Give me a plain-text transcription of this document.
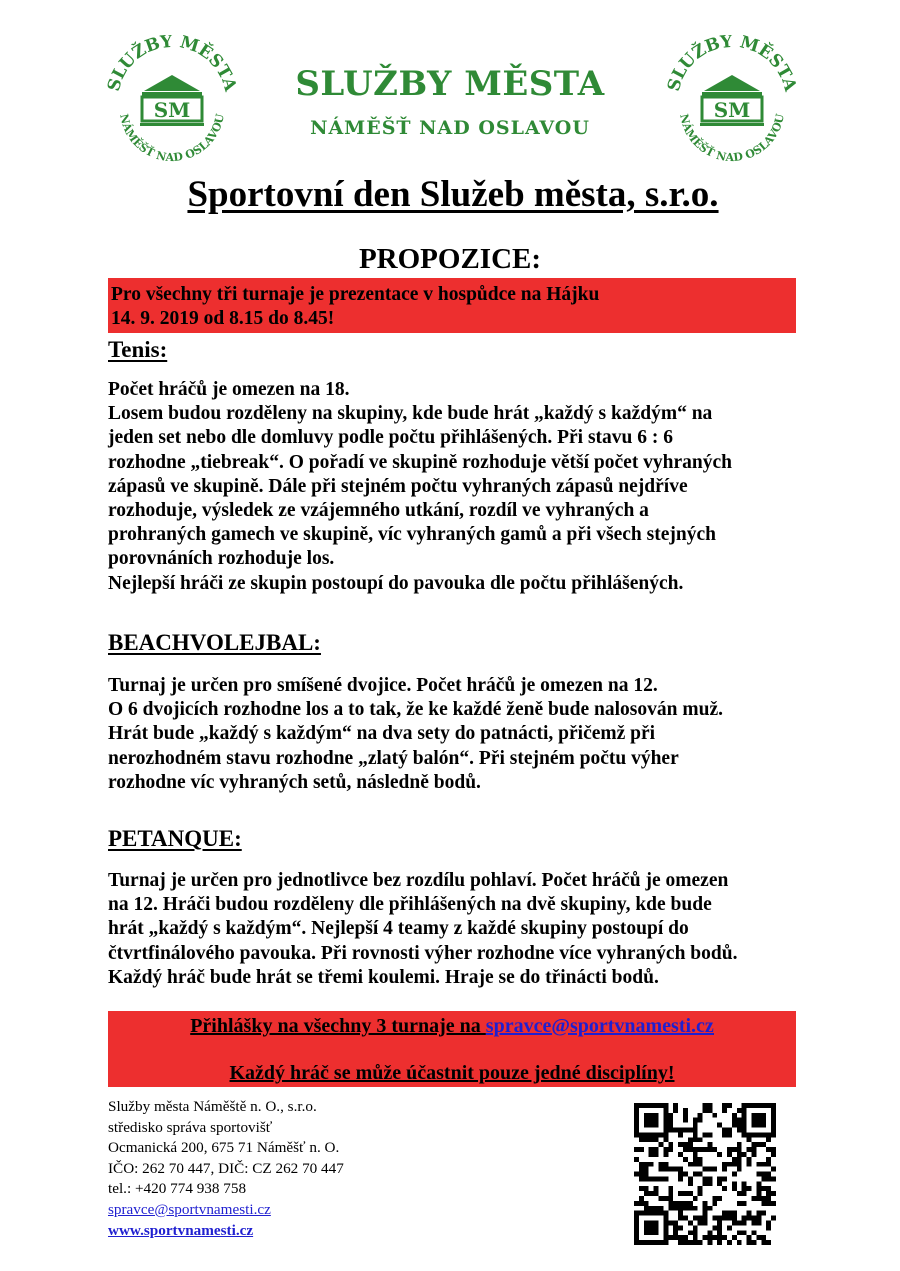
SLUŽBY MĚSTA
NÁMĚŠŤ NAD OSLAVOU
SM
SLUŽBY MĚSTA
NÁMĚŠŤ NAD OSLAVOU
SM
SLUŽBY MĚSTA
NÁMĚŠŤ NAD OSLAVOU
Sportovní den Služeb města, s.r.o.
PROPOZICE:
Pro všechny tři turnaje je prezentace v hospůdce na Hájku
14. 9. 2019 od 8.15 do 8.45!
Tenis:
Počet hráčů je omezen na 18.
Losem budou rozděleny na skupiny, kde bude hrát „každý s každým“ na
jeden set nebo dle domluvy podle počtu přihlášených. Při stavu 6 : 6
rozhodne „tiebreak“. O pořadí ve skupině rozhoduje větší počet vyhraných
zápasů ve skupině. Dále při stejném počtu vyhraných zápasů nejdříve
rozhoduje, výsledek ze vzájemného utkání, rozdíl ve vyhraných a
prohraných gamech ve skupině, víc vyhraných gamů a při všech stejných
porovnáních rozhoduje los.
Nejlepší hráči ze skupin postoupí do pavouka dle počtu přihlášených.
BEACHVOLEJBAL:
Turnaj je určen pro smíšené dvojice. Počet hráčů je omezen na 12.
O 6 dvojicích rozhodne los a to tak, že ke každé ženě bude nalosován muž.
Hrát bude „každý s každým“ na dva sety do patnácti, přičemž při
nerozhodném stavu rozhodne „zlatý balón“. Při stejném počtu výher
rozhodne víc vyhraných setů, následně bodů.
PETANQUE:
Turnaj je určen pro jednotlivce bez rozdílu pohlaví. Počet hráčů je omezen
na 12. Hráči budou rozděleny dle přihlášených na dvě skupiny, kde bude
hrát „každý s každým“. Nejlepší 4 teamy z každé skupiny postoupí do
čtvrtfinálového pavouka. Při rovnosti výher rozhodne více vyhraných bodů.
Každý hráč bude hrát se třemi koulemi. Hraje se do třinácti bodů.
Přihlášky na všechny 3 turnaje na spravce@sportvnamesti.cz
Každý hráč se může účastnit pouze jedné disciplíny!
Služby města Náměště n. O., s.r.o.
středisko správa sportovišť
Ocmanická 200, 675 71 Náměšť n. O.
IČO: 262 70 447, DIČ: CZ 262 70 447
tel.: +420 774 938 758
spravce@sportvnamesti.cz
www.sportvnamesti.cz
